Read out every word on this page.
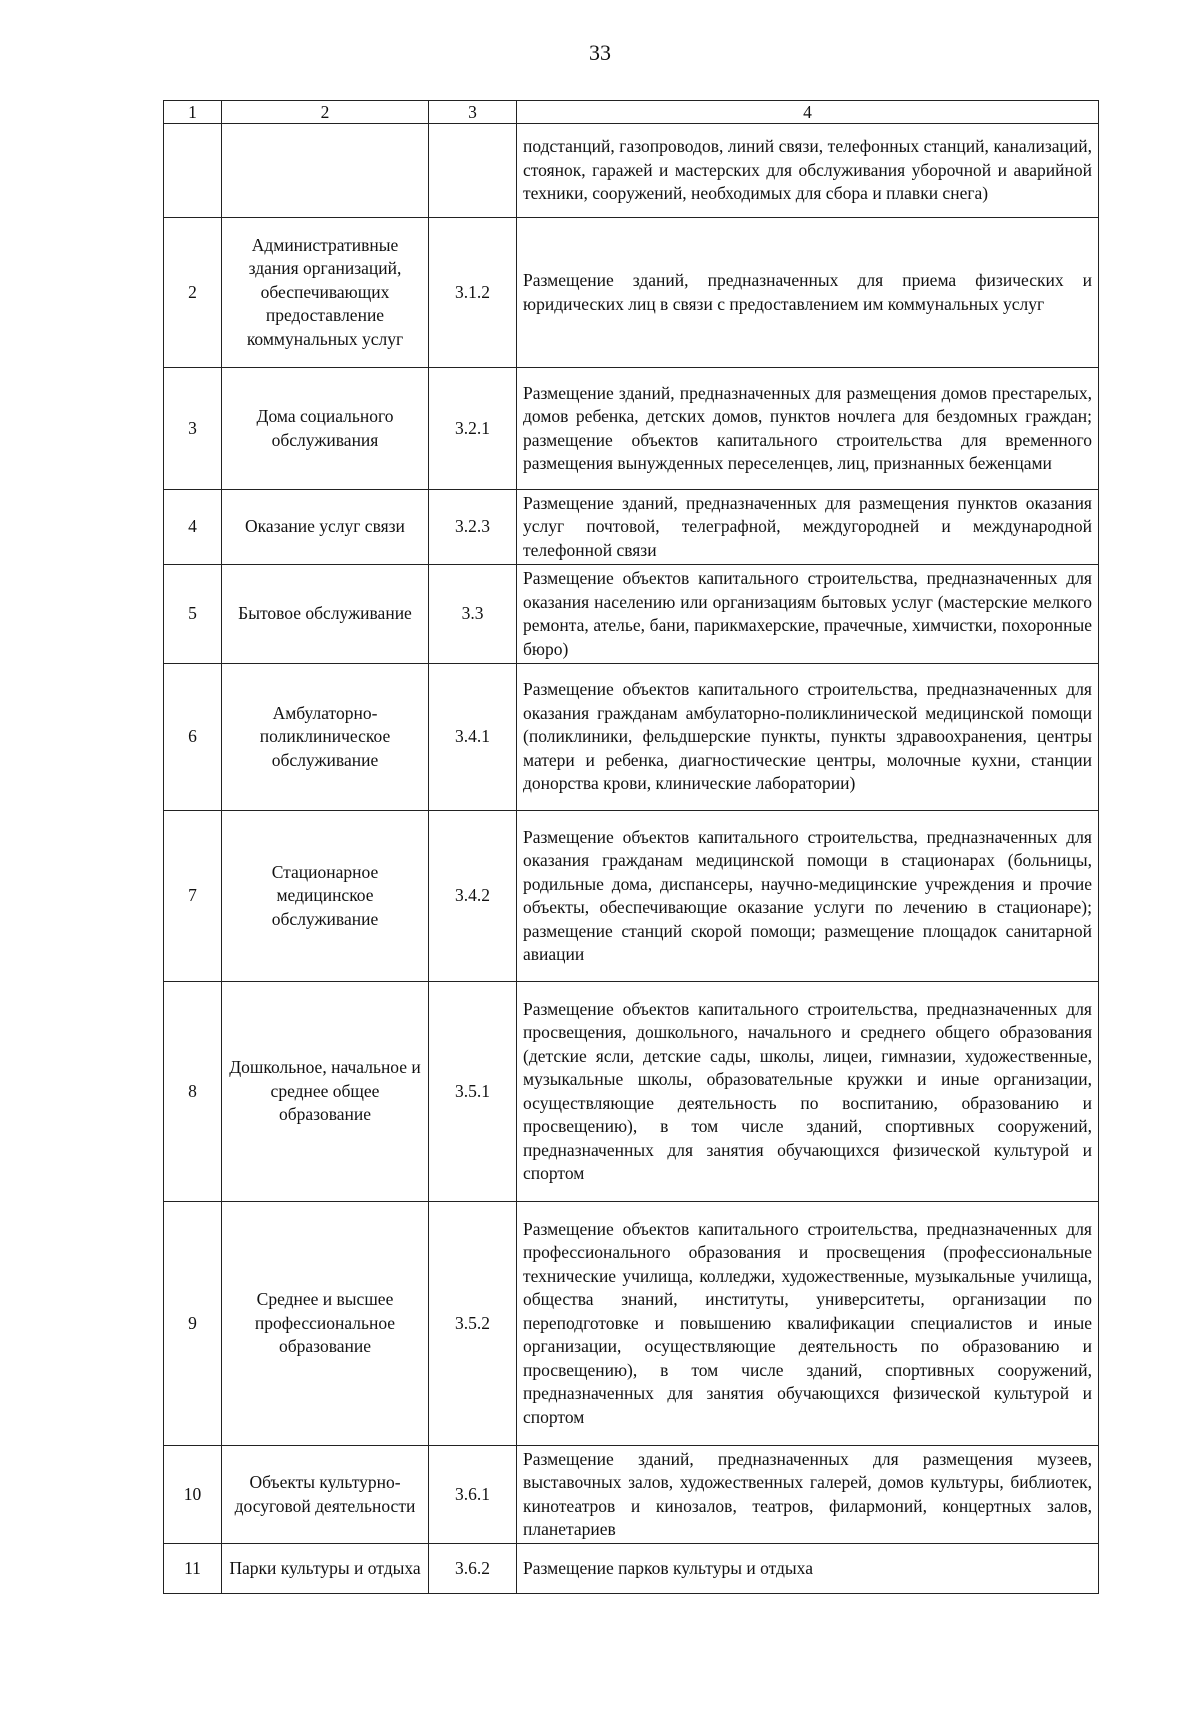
33
1	2	3	4
			подстанций, газопроводов, линий связи, телефонных станций, канализаций, стоянок, гаражей и мастерских для обслуживания уборочной и аварийной техники, сооружений, необходимых для сбора и плавки снега)
2	Административные здания организаций, обеспечивающих предоставление коммунальных услуг	3.1.2	Размещение зданий, предназначенных для приема физических и юридических лиц в связи с предоставлением им коммунальных услуг
3	Дома социального обслуживания	3.2.1	Размещение зданий, предназначенных для размещения домов престарелых, домов ребенка, детских домов, пунктов ночлега для бездомных граждан; размещение объектов капитального строительства для временного размещения вынужденных переселенцев, лиц, признанных беженцами
4	Оказание услуг связи	3.2.3	Размещение зданий, предназначенных для размещения пунктов оказания услуг почтовой, телеграфной, междугородней и международной телефонной связи
5	Бытовое обслуживание	3.3	Размещение объектов капитального строительства, предназначенных для оказания населению или организациям бытовых услуг (мастерские мелкого ремонта, ателье, бани, парикмахерские, прачечные, химчистки, похоронные бюро)
6	Амбулаторно-поликлиническое обслуживание	3.4.1	Размещение объектов капитального строительства, предназначенных для оказания гражданам амбулаторно-поликлинической медицинской помощи (поликлиники, фельдшерские пункты, пункты здравоохранения, центры матери и ребенка, диагностические центры, молочные кухни, станции донорства крови, клинические лаборатории)
7	Стационарное медицинское обслуживание	3.4.2	Размещение объектов капитального строительства, предназначенных для оказания гражданам медицинской помощи в стационарах (больницы, родильные дома, диспансеры, научно-медицинские учреждения и прочие объекты, обеспечивающие оказание услуги по лечению в стационаре); размещение станций скорой помощи; размещение площадок санитарной авиации
8	Дошкольное, начальное и среднее общее образование	3.5.1	Размещение объектов капитального строительства, предназначенных для просвещения, дошкольного, начального и среднего общего образования (детские ясли, детские сады, школы, лицеи, гимназии, художественные, музыкальные школы, образовательные кружки и иные организации, осуществляющие деятельность по воспитанию, образованию и просвещению), в том числе зданий, спортивных сооружений, предназначенных для занятия обучающихся физической культурой и спортом
9	Среднее и высшее профессиональное образование	3.5.2	Размещение объектов капитального строительства, предназначенных для профессионального образования и просвещения (профессиональные технические училища, колледжи, художественные, музыкальные училища, общества знаний, институты, университеты, организации по переподготовке и повышению квалификации специалистов и иные организации, осуществляющие деятельность по образованию и просвещению), в том числе зданий, спортивных сооружений, предназначенных для занятия обучающихся физической культурой и спортом
10	Объекты культурно-досуговой деятельности	3.6.1	Размещение зданий, предназначенных для размещения музеев, выставочных залов, художественных галерей, домов культуры, библиотек, кинотеатров и кинозалов, театров, филармоний, концертных залов, планетариев
11	Парки культуры и отдыха	3.6.2	Размещение парков культуры и отдыха
